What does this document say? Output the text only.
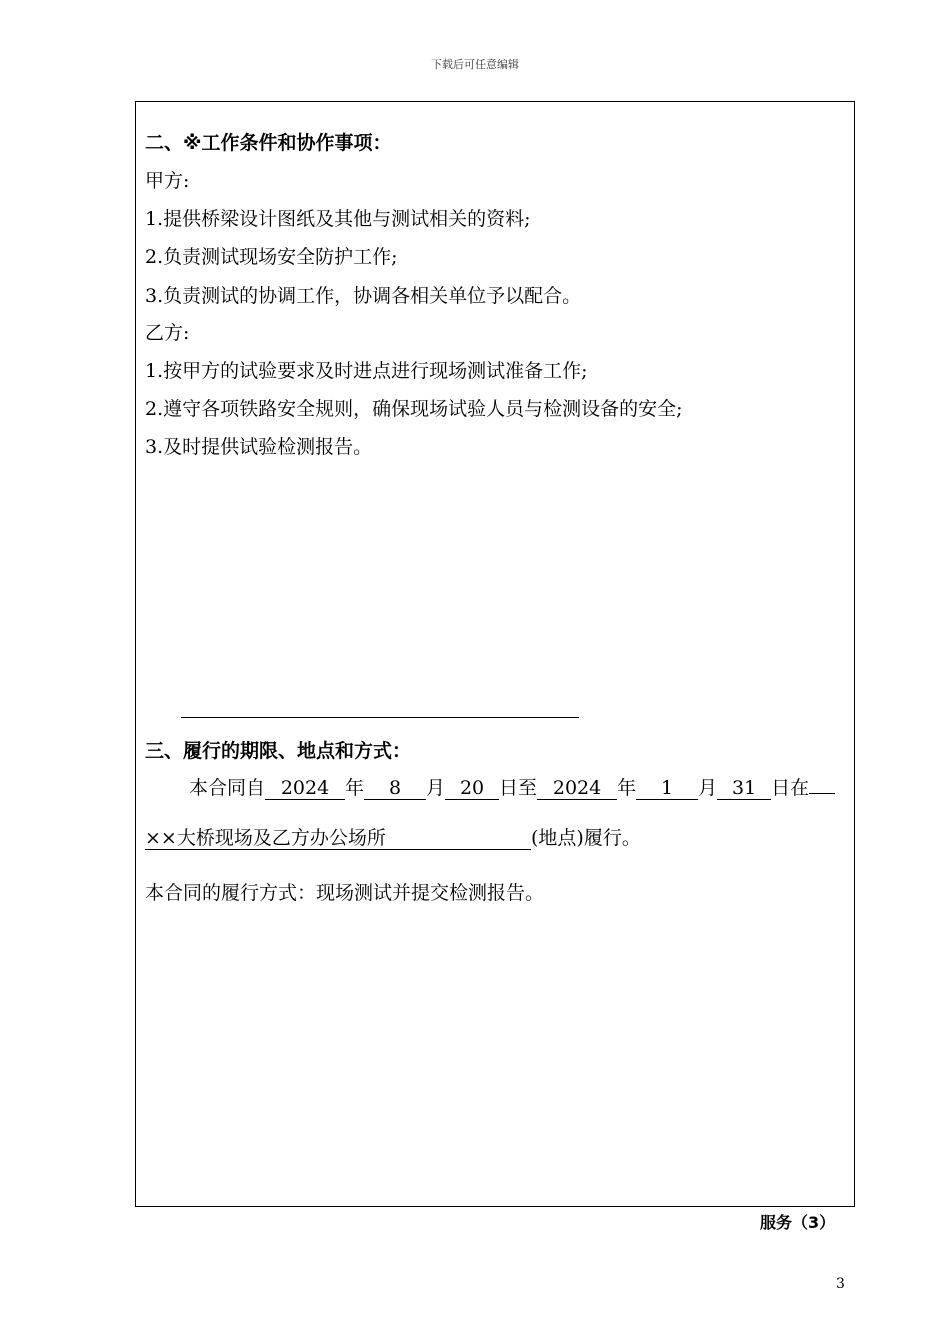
下载后可任意编辑
二、※工作条件和协作事项：
甲方:
1.提供桥梁设计图纸及其他与测试相关的资料;
2.负责测试现场安全防护工作;
3.负责测试的协调工作，协调各相关单位予以配合。
乙方:
1.按甲方的试验要求及时进点进行现场测试准备工作;
2.遵守各项铁路安全规则，确保现场试验人员与检测设备的安全;
3.及时提供试验检测报告。
三、履行的期限、地点和方式：
本合同自 2024 年 8 月 20 日至 2024 年 1 月 31 日在
××大桥现场及乙方办公场所	(地点)履行。
本合同的履行方式：现场测试并提交检测报告。
服务（3）
3
